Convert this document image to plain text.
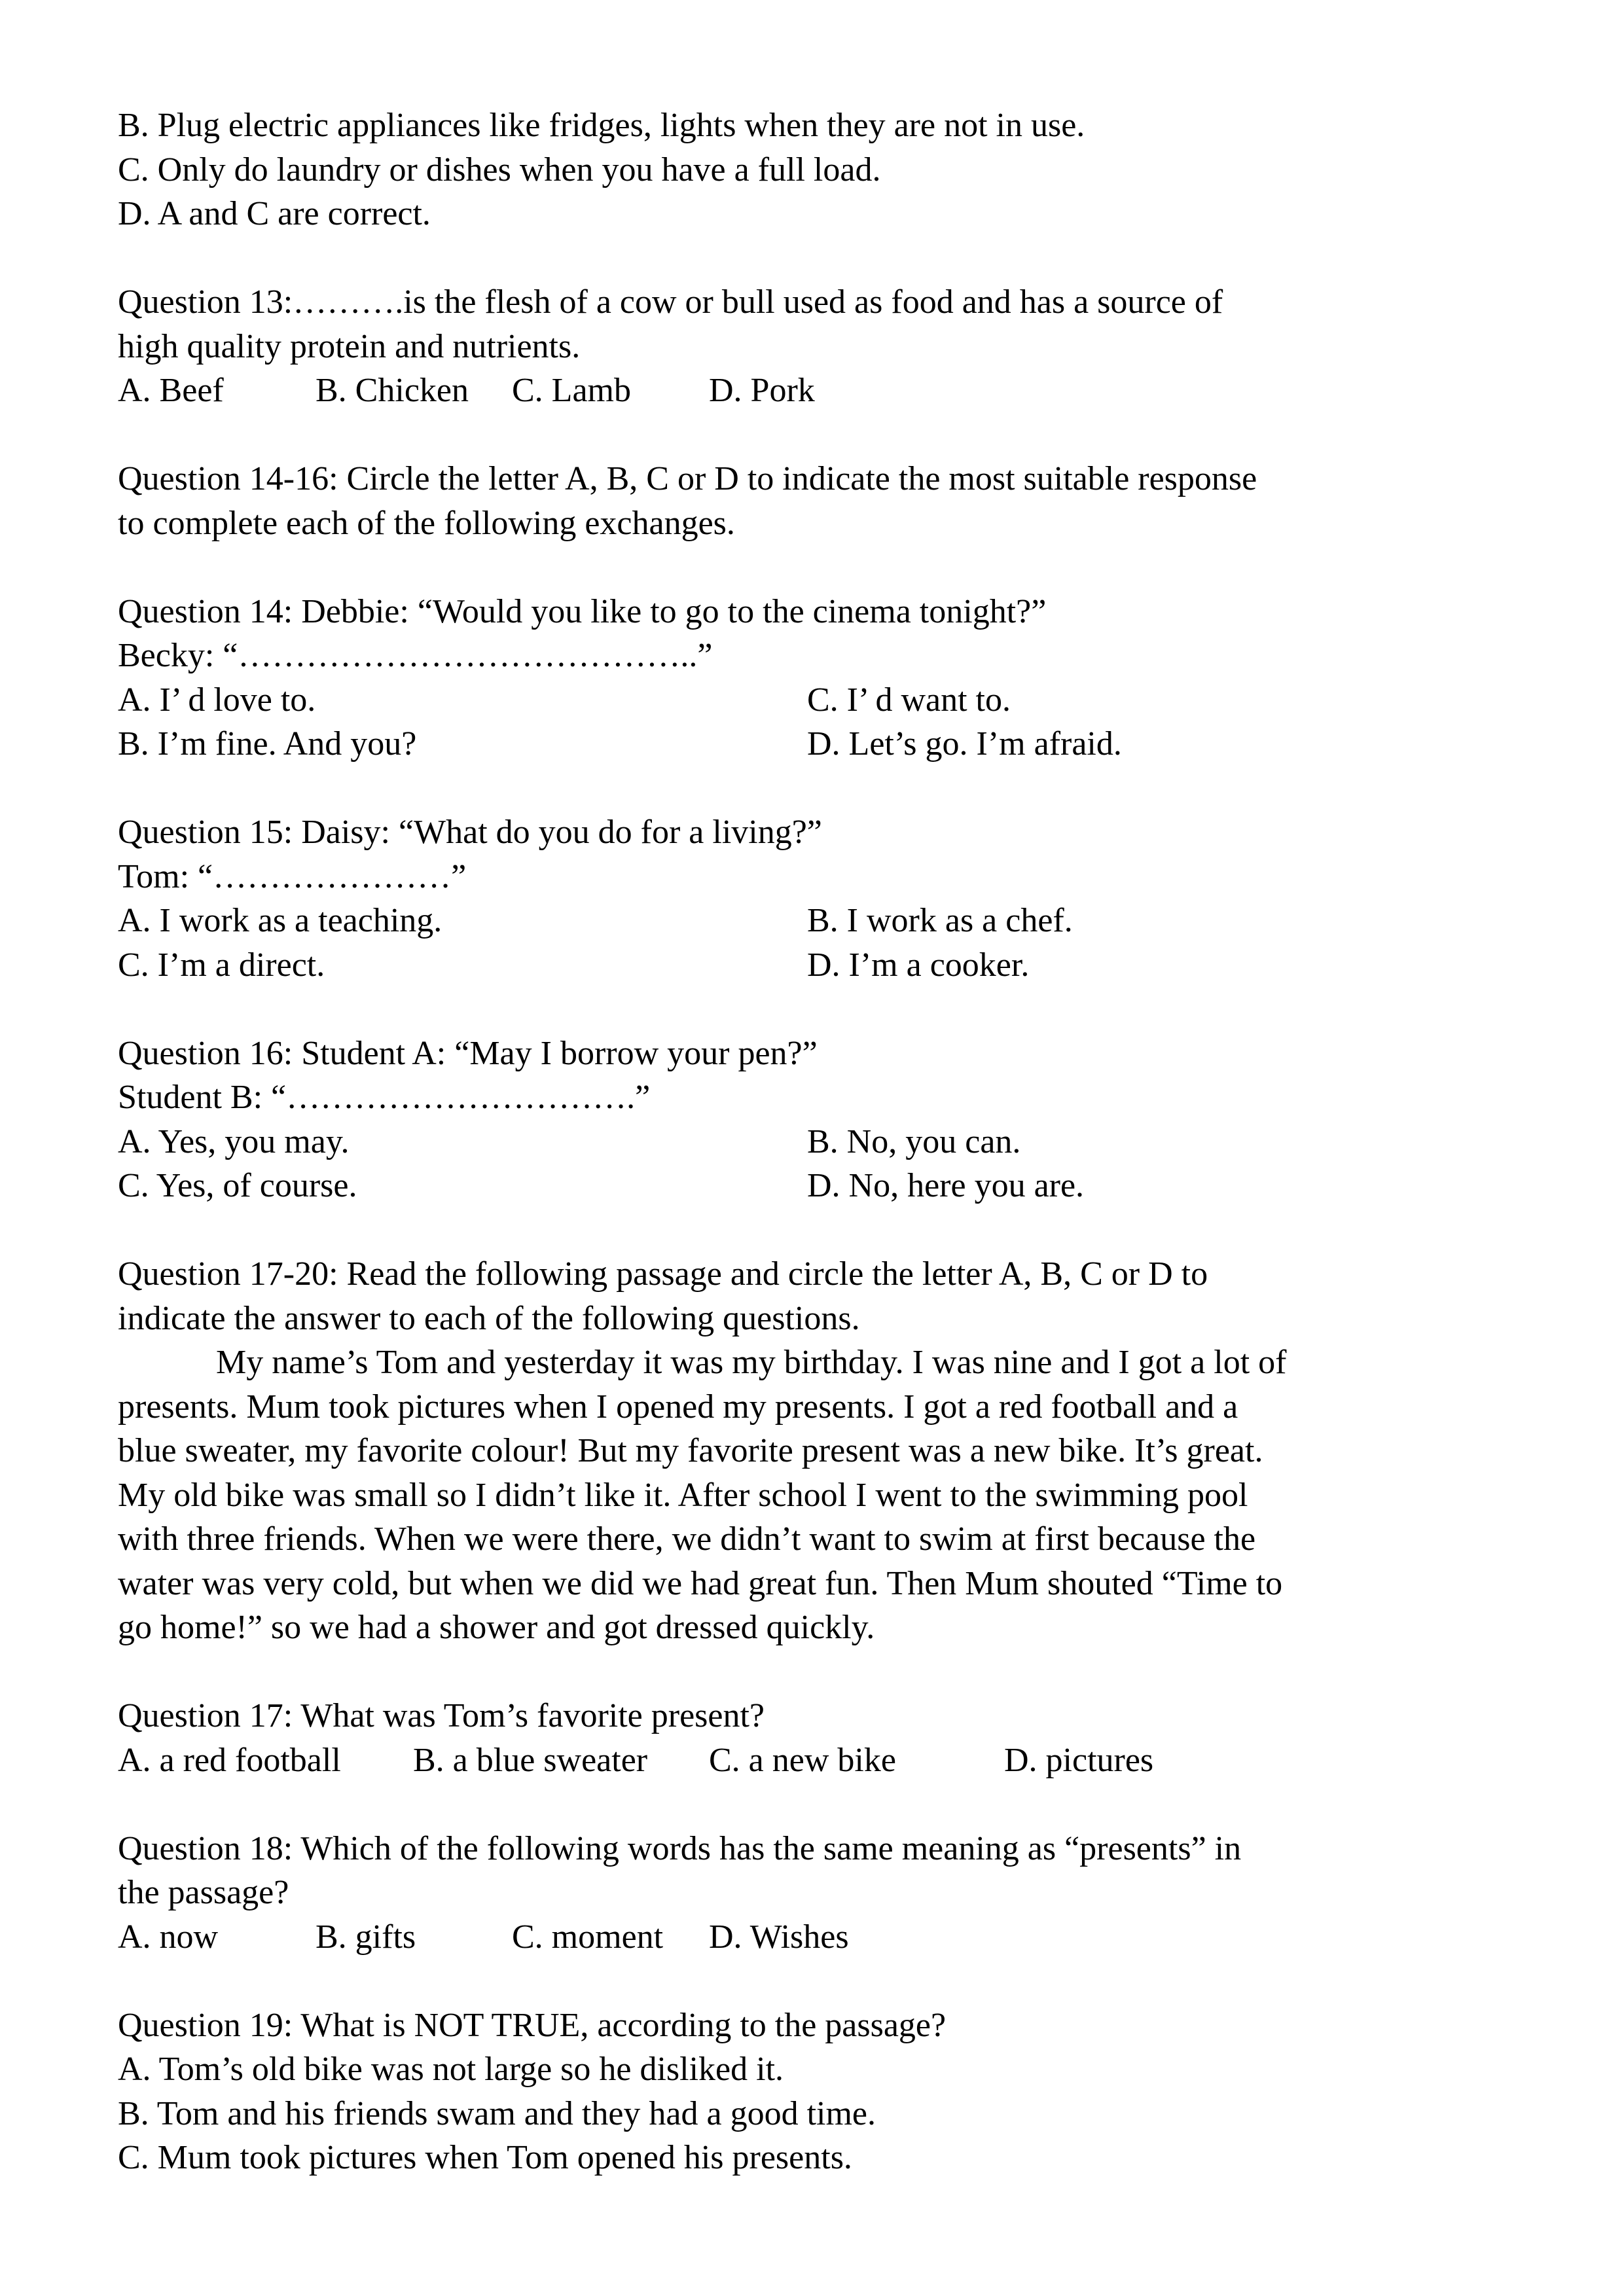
B. Plug electric appliances like fridges, lights when they are not in use.

C. Only do laundry or dishes when you have a full load.

D. A and C are correct.

Question 13:……….is the flesh of a cow or bull used as food and has a source of

high quality protein and nutrients.

A. Beef	B. Chicken C. Lamb D. Pork

Question 14-16: Circle the letter A, B, C or D to indicate the most suitable response

to complete each of the following exchanges.

Question 14: Debbie: “Would you like to go to the cinema tonight?”

Becky: “…………………………………..”

A. I’ d love to.	C. I’ d want to.
B. I’m fine. And you?	D. Let’s go. I’m afraid.

Question 15: Daisy: “What do you do for a living?”

Tom: “…………………”

A. I work as a teaching.	B. I work as a chef.
C. I’m a direct.	D. I’m a cooker.

Question 16: Student A: “May I borrow your pen?”

Student B: “………………………….”

A. Yes, you may.	B. No, you can.
C. Yes, of course.	D. No, here you are.

Question 17-20: Read the following passage and circle the letter A, B, C or D to

indicate the answer to each of the following questions.

My name’s Tom and yesterday it was my birthday. I was nine and I got a lot of

presents. Mum took pictures when I opened my presents. I got a red football and a

blue sweater, my favorite colour! But my favorite present was a new bike. It’s great.

My old bike was small so I didn’t like it. After school I went to the swimming pool

with three friends. When we were there, we didn’t want to swim at first because the

water was very cold, but when we did we had great fun. Then Mum shouted “Time to

go home!” so we had a shower and got dressed quickly.

Question 17: What was Tom’s favorite present?

A. a red football B. a blue sweater C. a new bike	D. pictures

Question 18: Which of the following words has the same meaning as “presents” in

the passage?

A. now	B. gifts	C. moment D. Wishes

Question 19: What is NOT TRUE, according to the passage?

A. Tom’s old bike was not large so he disliked it.

B. Tom and his friends swam and they had a good time.

C. Mum took pictures when Tom opened his presents.
